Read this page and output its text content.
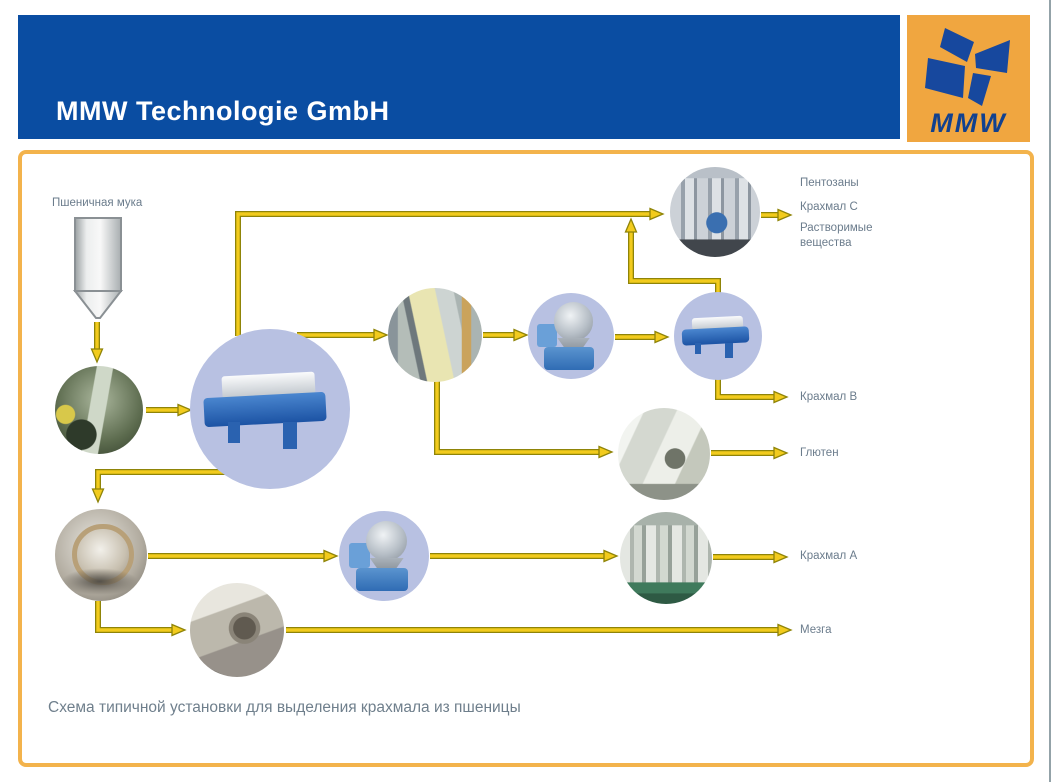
MMW Technologie GmbH	MMW
Пшеничная мука
Пентозаны
Крахмал C
Растворимые вещества
Крахмал B
Глютен
Крахмал A
Мезга
Схема типичной установки для выделения крахмала из пшеницы
